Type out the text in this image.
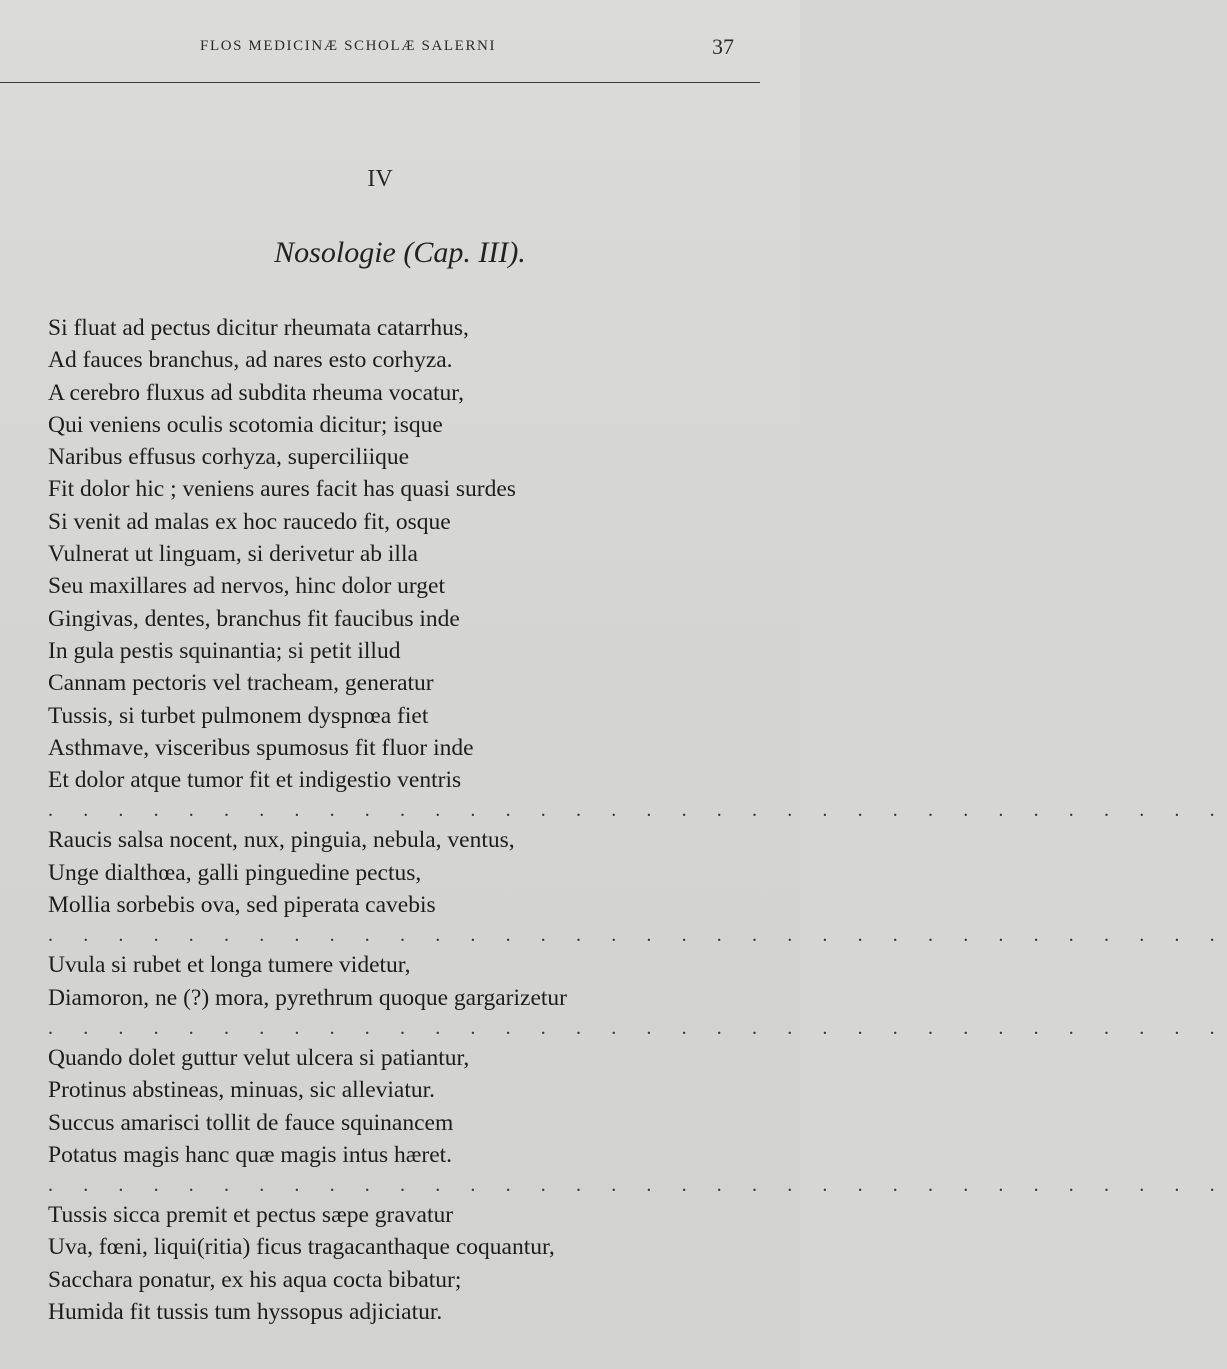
FLOS MEDICINÆ SCHOLÆ SALERNI	37
IV
Nosologie (Cap. III).
Si fluat ad pectus dicitur rheumata catarrhus,
Ad fauces branchus, ad nares esto corhyza.
A cerebro fluxus ad subdita rheuma vocatur,
Qui veniens oculis scotomia dicitur; isque
Naribus effusus corhyza, superciliique
Fit dolor hic ; veniens aures facit has quasi surdes
Si venit ad malas ex hoc raucedo fit, osque
Vulnerat ut linguam, si derivetur ab illa
Seu maxillares ad nervos, hinc dolor urget
Gingivas, dentes, branchus fit faucibus inde
In gula pestis squinantia; si petit illud
Cannam pectoris vel tracheam, generatur
Tussis, si turbet pulmonem dyspnœa fiet
Asthmave, visceribus spumosus fit fluor inde
Et dolor atque tumor fit et indigestio ventris
. . . . . . . . . . . . . . . . . . . . . . . . . . . . . . . . . .
Raucis salsa nocent, nux, pinguia, nebula, ventus,
Unge dialthœa, galli pinguedine pectus,
Mollia sorbebis ova, sed piperata cavebis
. . . . . . . . . . . . . . . . . . . . . . . . . . . . . . . . . .
Uvula si rubet et longa tumere videtur,
Diamoron, ne (?) mora, pyrethrum quoque gargarizetur
. . . . . . . . . . . . . . . . . . . . . . . . . . . . . . . . . .
Quando dolet guttur velut ulcera si patiantur,
Protinus abstineas, minuas, sic alleviatur.
Succus amarisci tollit de fauce squinancem
Potatus magis hanc quæ magis intus hæret.
. . . . . . . . . . . . . . . . . . . . . . . . . . . . . . . . . .
Tussis sicca premit et pectus sæpe gravatur
Uva, fœni, liqui(ritia) ficus tragacanthaque coquantur,
Sacchara ponatur, ex his aqua cocta bibatur;
Humida fit tussis tum hyssopus adjiciatur.
